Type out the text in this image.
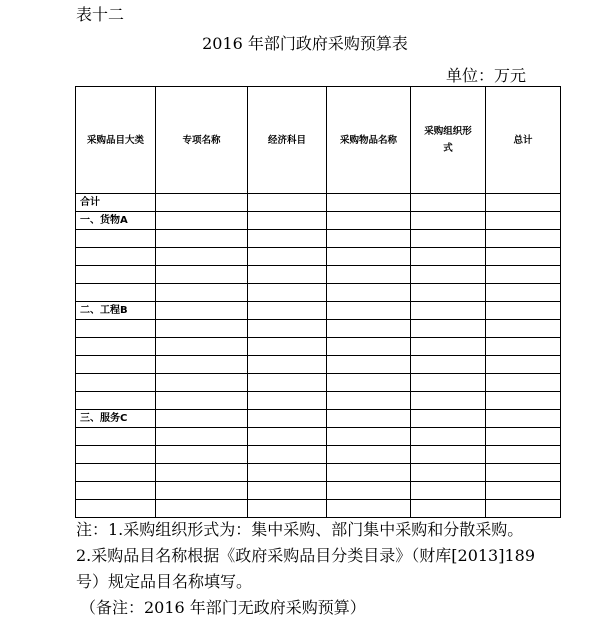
表十二
2016 年部门政府采购预算表
单位：万元
采购品目大类	专项名称	经济科目	采购物品名称	采购组织形式	总计
合计					
一、货物A					

二、工程B					

三、服务C					

注：1.采购组织形式为：集中采购、部门集中采购和分散采购。
2.采购品目名称根据《政府采购品目分类目录》（财库[2013]189
号）规定品目名称填写。
（备注：2016 年部门无政府采购预算）
